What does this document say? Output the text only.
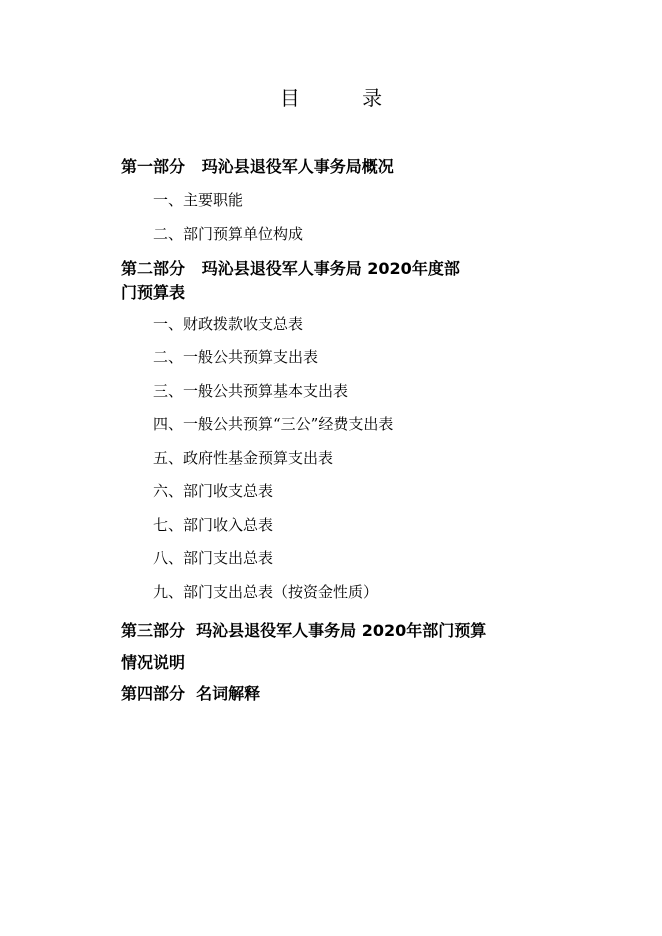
目 录
第一部分   玛沁县退役军人事务局概况
一、主要职能
二、部门预算单位构成
第二部分   玛沁县退役军人事务局 2020年度部
门预算表
一、财政拨款收支总表
二、一般公共预算支出表
三、一般公共预算基本支出表
四、一般公共预算“三公”经费支出表
五、政府性基金预算支出表
六、部门收支总表
七、部门收入总表
八、部门支出总表
九、部门支出总表（按资金性质）
第三部分  玛沁县退役军人事务局 2020年部门预算
情况说明
第四部分  名词解释
